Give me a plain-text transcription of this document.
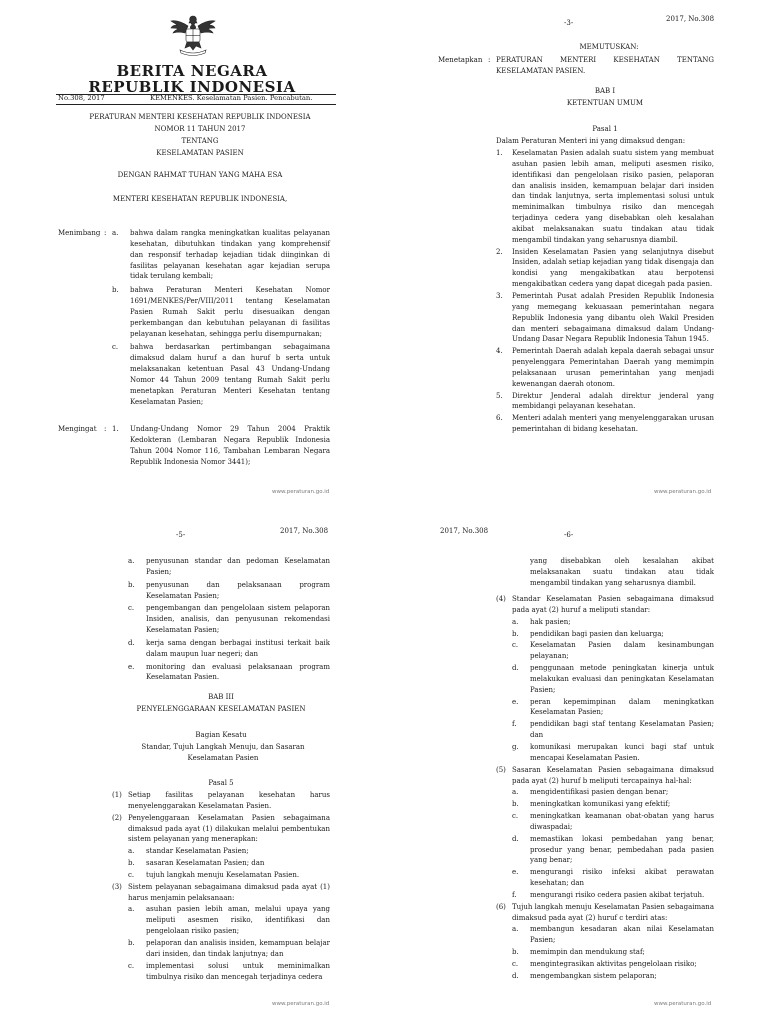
BERITA NEGARA
REPUBLIK INDONESIA
No.308, 2017	KEMENKES. Keselamatan Pasien. Pencabutan.
PERATURAN MENTERI KESEHATAN REPUBLIK INDONESIA
NOMOR 11 TAHUN 2017
TENTANG
KESELAMATAN PASIEN
DENGAN RAHMAT TUHAN YANG MAHA ESA
MENTERI KESEHATAN REPUBLIK INDONESIA,
Menimbang : a. bahwa dalam rangka meningkatkan kualitas pelayanan kesehatan, dibutuhkan tindakan yang komprehensif dan responsif terhadap kejadian tidak diinginkan di fasilitas pelayanan kesehatan agar kejadian serupa tidak terulang kembali;
b. bahwa Peraturan Menteri Kesehatan Nomor 1691/MENKES/Per/VIII/2011 tentang Keselamatan Pasien Rumah Sakit perlu disesuaikan dengan perkembangan dan kebutuhan pelayanan di fasilitas pelayanan kesehatan, sehingga perlu disempurnakan;
c. bahwa berdasarkan pertimbangan sebagaimana dimaksud dalam huruf a dan huruf b serta untuk melaksanakan ketentuan Pasal 43 Undang-Undang Nomor 44 Tahun 2009 tentang Rumah Sakit perlu menetapkan Peraturan Menteri Kesehatan tentang Keselamatan Pasien;
Mengingat : 1. Undang-Undang Nomor 29 Tahun 2004 Praktik Kedokteran (Lembaran Negara Republik Indonesia Tahun 2004 Nomor 116, Tambahan Lembaran Negara Republik Indonesia Nomor 3441);
www.peraturan.go.id
-3-	2017, No.308
MEMUTUSKAN:
Menetapkan : PERATURAN MENTERI KESEHATAN TENTANG KESELAMATAN PASIEN.
BAB I
KETENTUAN UMUM
Pasal 1
Dalam Peraturan Menteri ini yang dimaksud dengan:
1. Keselamatan Pasien adalah suatu sistem yang membuat asuhan pasien lebih aman, meliputi asesmen risiko, identifikasi dan pengelolaan risiko pasien, pelaporan dan analisis insiden, kemampuan belajar dari insiden dan tindak lanjutnya, serta implementasi solusi untuk meminimalkan timbulnya risiko dan mencegah terjadinya cedera yang disebabkan oleh kesalahan akibat melaksanakan suatu tindakan atau tidak mengambil tindakan yang seharusnya diambil.
2. Insiden Keselamatan Pasien yang selanjutnya disebut Insiden, adalah setiap kejadian yang tidak disengaja dan kondisi yang mengakibatkan atau berpotensi mengakibatkan cedera yang dapat dicegah pada pasien.
3. Pemerintah Pusat adalah Presiden Republik Indonesia yang memegang kekuasaan pemerintahan negara Republik Indonesia yang dibantu oleh Wakil Presiden dan menteri sebagaimana dimaksud dalam Undang-Undang Dasar Negara Republik Indonesia Tahun 1945.
4. Pemerintah Daerah adalah kepala daerah sebagai unsur penyelenggara Pemerintahan Daerah yang memimpin pelaksanaan urusan pemerintahan yang menjadi kewenangan daerah otonom.
5. Direktur Jenderal adalah direktur jenderal yang membidangi pelayanan kesehatan.
6. Menteri adalah menteri yang menyelenggarakan urusan pemerintahan di bidang kesehatan.
www.peraturan.go.id
-5-	2017, No.308
a. penyusunan standar dan pedoman Keselamatan Pasien;
b. penyusunan dan pelaksanaan program Keselamatan Pasien;
c. pengembangan dan pengelolaan sistem pelaporan Insiden, analisis, dan penyusunan rekomendasi Keselamatan Pasien;
d. kerja sama dengan berbagai institusi terkait baik dalam maupun luar negeri; dan
e. monitoring dan evaluasi pelaksanaan program Keselamatan Pasien.
BAB III
PENYELENGGARAAN KESELAMATAN PASIEN
Bagian Kesatu
Standar, Tujuh Langkah Menuju, dan Sasaran Keselamatan Pasien
Pasal 5
(1) Setiap fasilitas pelayanan kesehatan harus menyelenggarakan Keselamatan Pasien.
(2) Penyelenggaraan Keselamatan Pasien sebagaimana dimaksud pada ayat (1) dilakukan melalui pembentukan sistem pelayanan yang menerapkan:
a. standar Keselamatan Pasien;
b. sasaran Keselamatan Pasien; dan
c. tujuh langkah menuju Keselamatan Pasien.
(3) Sistem pelayanan sebagaimana dimaksud pada ayat (1) harus menjamin pelaksanaan:
a. asuhan pasien lebih aman, melalui upaya yang meliputi asesmen risiko, identifikasi dan pengelolaan risiko pasien;
b. pelaporan dan analisis insiden, kemampuan belajar dari insiden, dan tindak lanjutnya; dan
c. implementasi solusi untuk meminimalkan timbulnya risiko dan mencegah terjadinya cedera
www.peraturan.go.id
2017, No.308	-6-
yang disebabkan oleh kesalahan akibat melaksanakan suatu tindakan atau tidak mengambil tindakan yang seharusnya diambil.
(4) Standar Keselamatan Pasien sebagaimana dimaksud pada ayat (2) huruf a meliputi standar:
a. hak pasien;
b. pendidikan bagi pasien dan keluarga;
c. Keselamatan Pasien dalam kesinambungan pelayanan;
d. penggunaan metode peningkatan kinerja untuk melakukan evaluasi dan peningkatan Keselamatan Pasien;
e. peran kepemimpinan dalam meningkatkan Keselamatan Pasien;
f. pendidikan bagi staf tentang Keselamatan Pasien; dan
g. komunikasi merupakan kunci bagi staf untuk mencapai Keselamatan Pasien.
(5) Sasaran Keselamatan Pasien sebagaimana dimaksud pada ayat (2) huruf b meliputi tercapainya hal-hal:
a. mengidentifikasi pasien dengan benar;
b. meningkatkan komunikasi yang efektif;
c. meningkatkan keamanan obat-obatan yang harus diwaspadai;
d. memastikan lokasi pembedahan yang benar, prosedur yang benar, pembedahan pada pasien yang benar;
e. mengurangi risiko infeksi akibat perawatan kesehatan; dan
f. mengurangi risiko cedera pasien akibat terjatuh.
(6) Tujuh langkah menuju Keselamatan Pasien sebagaimana dimaksud pada ayat (2) huruf c terdiri atas:
a. membangun kesadaran akan nilai Keselamatan Pasien;
b. memimpin dan mendukung staf;
c. mengintegrasikan aktivitas pengelolaan risiko;
d. mengembangkan sistem pelaporan;
www.peraturan.go.id
